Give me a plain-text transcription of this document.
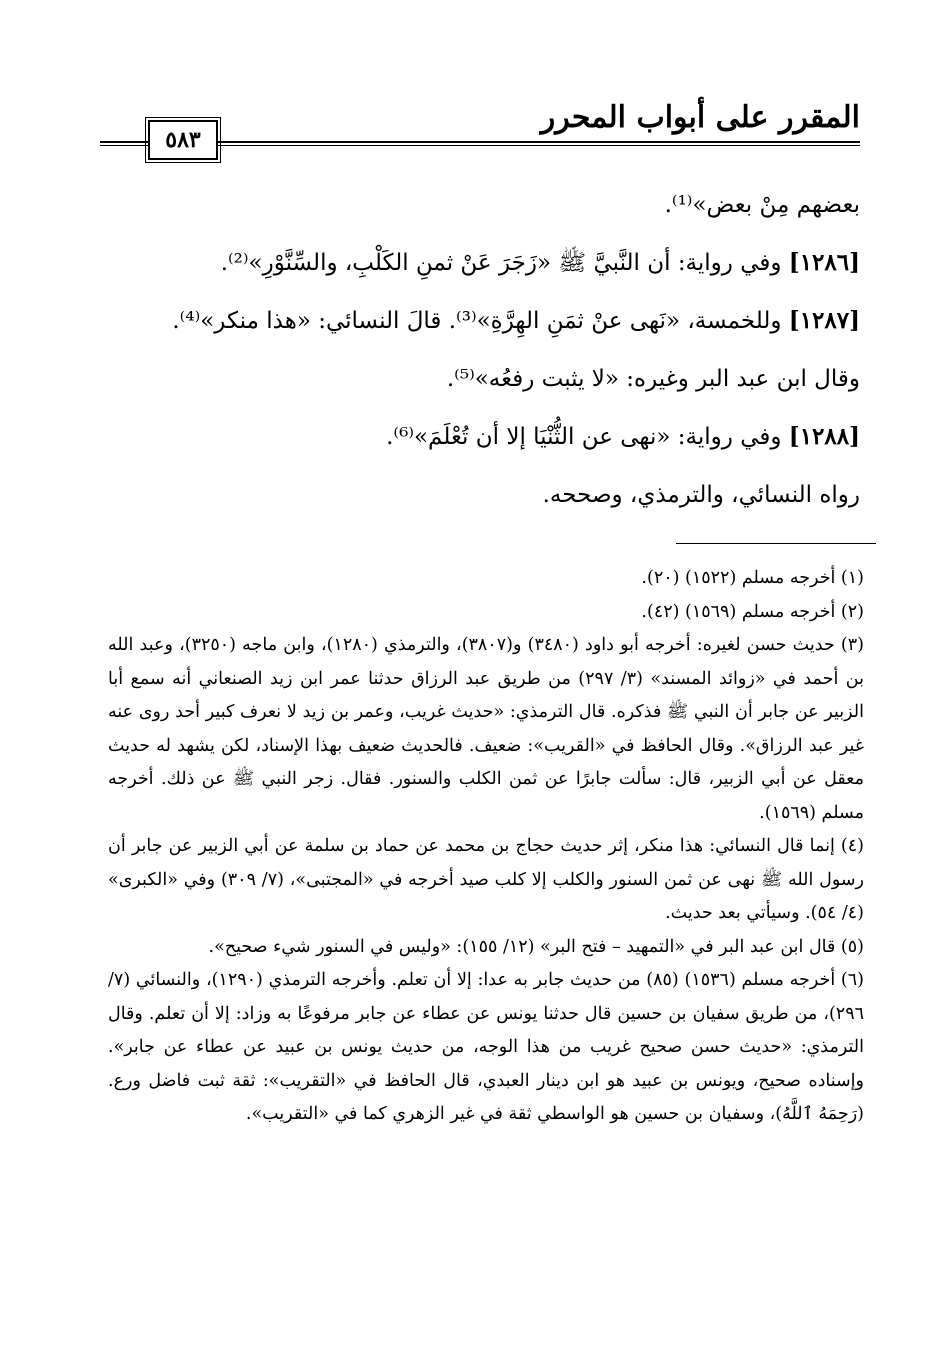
المقرر على أبواب المحرر
٥٨٣

بعضهم مِنْ بعض»⁽¹⁾.

[١٢٨٦] وفي رواية: أن النَّبيَّ ﷺ «زَجَرَ عَنْ ثمنِ الكَلْبِ، والسِّنَّوْرِ»⁽²⁾.

[١٢٨٧] وللخمسة، «نَهى عنْ ثمَنِ الهِرَّةِ»⁽³⁾. قالَ النسائي: «هذا منكر»⁽⁴⁾.

وقال ابن عبد البر وغيره: «لا يثبت رفعُه»⁽⁵⁾.

[١٢٨٨] وفي رواية: «نهى عن الثُّنْيَا إلا أن تُعْلَمَ»⁽⁶⁾.

رواه النسائي، والترمذي، وصححه.

(١) أخرجه مسلم (١٥٢٢) (٢٠).

(٢) أخرجه مسلم (١٥٦٩) (٤٢).

(٣) حديث حسن لغيره: أخرجه أبو داود (٣٤٨٠) و(٣٨٠٧)، والترمذي (١٢٨٠)، وابن ماجه (٣٢٥٠)، وعبد الله بن أحمد في «زوائد المسند» (٣/ ٢٩٧) من طريق عبد الرزاق حدثنا عمر ابن زيد الصنعاني أنه سمع أبا الزبير عن جابر أن النبي ﷺ فذكره. قال الترمذي: «حديث غريب، وعمر بن زيد لا نعرف كبير أحد روى عنه غير عبد الرزاق». وقال الحافظ في «القريب»: ضعيف. فالحديث ضعيف بهذا الإسناد، لكن يشهد له حديث معقل عن أبي الزبير، قال: سألت جابرًا عن ثمن الكلب والسنور. فقال. زجر النبي ﷺ عن ذلك. أخرجه مسلم (١٥٦٩).

(٤) إنما قال النسائي: هذا منكر، إثر حديث حجاج بن محمد عن حماد بن سلمة عن أبي الزبير عن جابر أن رسول الله ﷺ نهى عن ثمن السنور والكلب إلا كلب صيد أخرجه في «المجتبى»، (٧/ ٣٠٩) وفي «الكبرى» (٤/ ٥٤). وسيأتي بعد حديث.

(٥) قال ابن عبد البر في «التمهيد – فتح البر» (١٢/ ١٥٥): «وليس في السنور شيء صحيح».

(٦) أخرجه مسلم (١٥٣٦) (٨٥) من حديث جابر به عدا: إلا أن تعلم. وأخرجه الترمذي (١٢٩٠)، والنسائي (٧/ ٢٩٦)، من طريق سفيان بن حسين قال حدثنا يونس عن عطاء عن جابر مرفوعًا به وزاد: إلا أن تعلم. وقال الترمذي: «حديث حسن صحيح غريب من هذا الوجه، من حديث يونس بن عبيد عن عطاء عن جابر». وإسناده صحيح، ويونس بن عبيد هو ابن دينار العبدي، قال الحافظ في «التقريب»: ثقة ثبت فاضل ورع. (رَحِمَهُ ٱللَّهُ)، وسفيان بن حسين هو الواسطي ثقة في غير الزهري كما في «التقريب».
